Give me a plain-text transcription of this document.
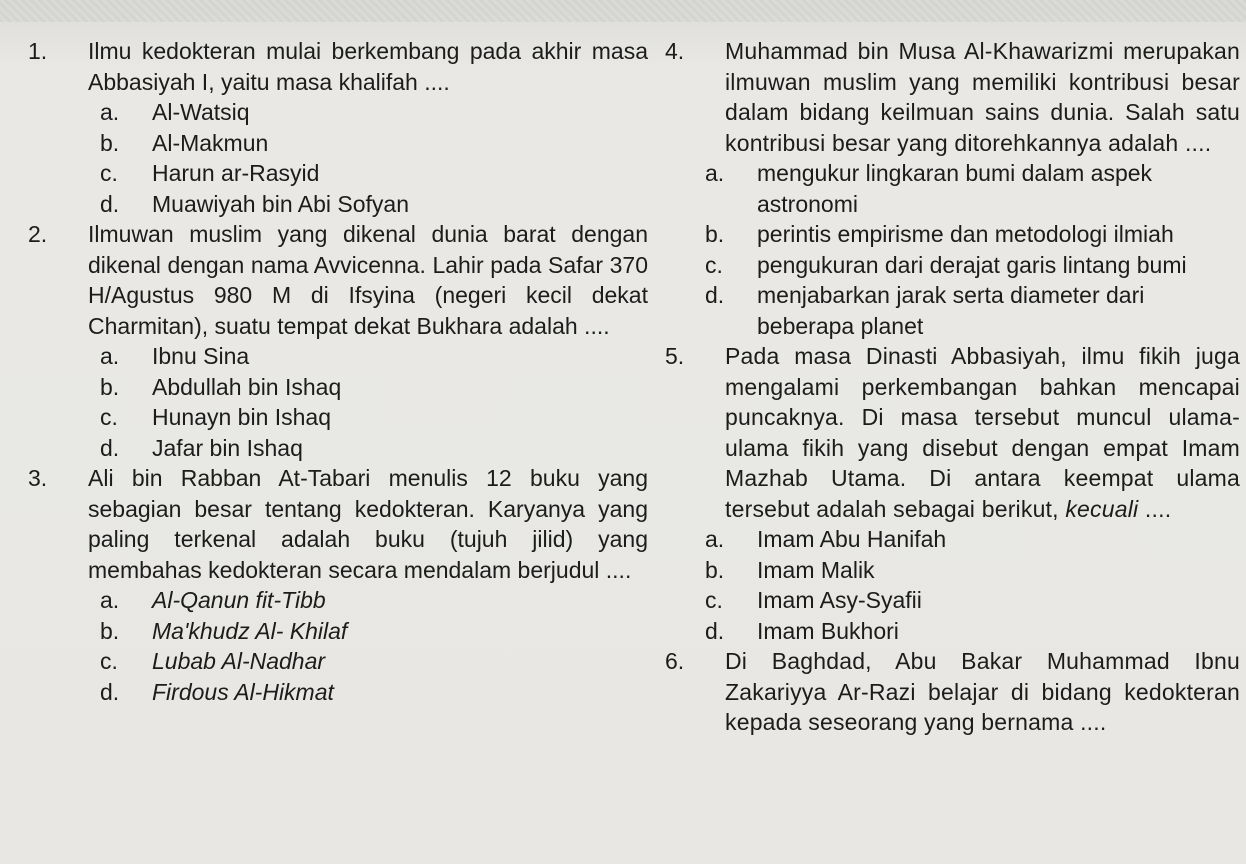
1.	Ilmu kedokteran mulai berkembang pada akhir masa Abbasiyah I, yaitu masa khalifah ....
a.	Al-Watsiq
b.	Al-Makmun
c.	Harun ar-Rasyid
d.	Muawiyah bin Abi Sofyan
2.	Ilmuwan muslim yang dikenal dunia barat dengan dikenal dengan nama Avvicenna. Lahir pada Safar 370 H/Agustus 980 M di Ifsyina (negeri kecil dekat Charmitan), suatu tempat dekat Bukhara adalah ....
a.	Ibnu Sina
b.	Abdullah bin Ishaq
c.	Hunayn bin Ishaq
d.	Jafar bin Ishaq
3.	Ali bin Rabban At-Tabari menulis 12 buku yang sebagian besar tentang kedokteran. Karyanya yang paling terkenal adalah buku (tujuh jilid) yang membahas kedokteran secara mendalam berjudul ....
a.	Al-Qanun fit-Tibb
b.	Ma'khudz Al- Khilaf
c.	Lubab Al-Nadhar
d.	Firdous Al-Hikmat
4.	Muhammad bin Musa Al-Khawarizmi merupakan ilmuwan muslim yang memiliki kontribusi besar dalam bidang keilmuan sains dunia. Salah satu kontribusi besar yang ditorehkannya adalah ....
a.	mengukur lingkaran bumi dalam aspek astronomi
b.	perintis empirisme dan metodologi ilmiah
c.	pengukuran dari derajat garis lintang bumi
d.	menjabarkan jarak serta diameter dari beberapa planet
5.	Pada masa Dinasti Abbasiyah, ilmu fikih juga mengalami perkembangan bahkan mencapai puncaknya. Di masa tersebut muncul ulama-ulama fikih yang disebut dengan empat Imam Mazhab Utama. Di antara keempat ulama tersebut adalah sebagai berikut, kecuali ....
a.	Imam Abu Hanifah
b.	Imam Malik
c.	Imam Asy-Syafii
d.	Imam Bukhori
6.	Di Baghdad, Abu Bakar Muhammad Ibnu Zakariyya Ar-Razi belajar di bidang kedokteran kepada seseorang yang bernama ....
